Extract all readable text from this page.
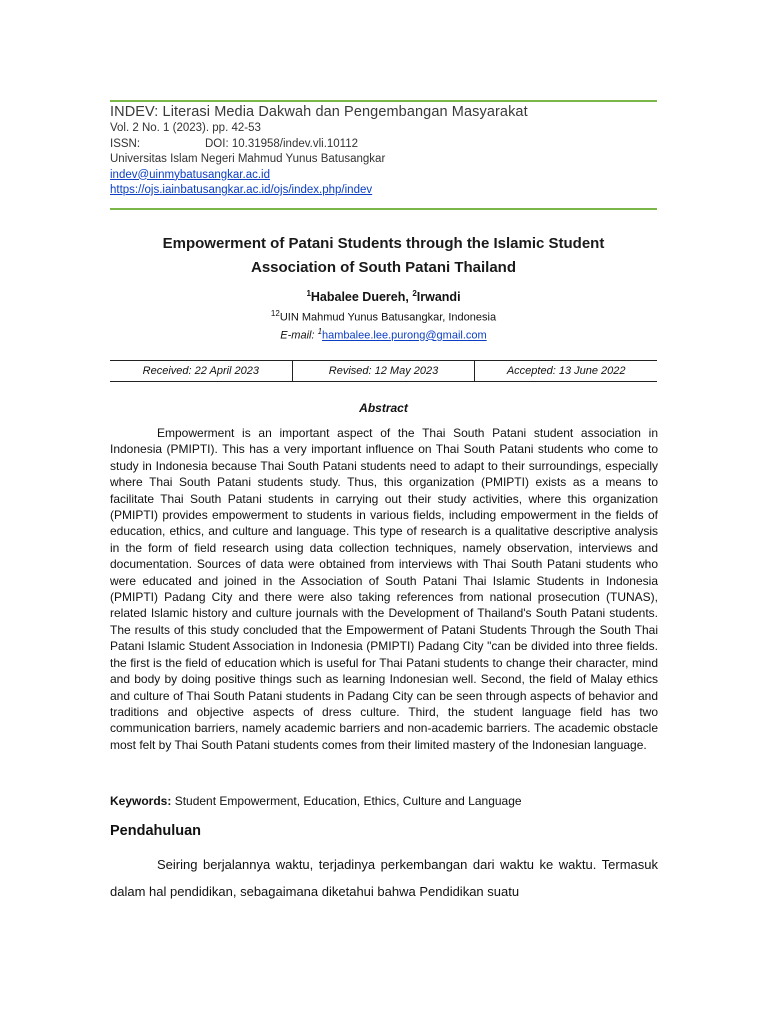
INDEV: Literasi Media Dakwah dan Pengembangan Masyarakat
Vol. 2 No. 1 (2023). pp. 42-53
ISSN:	DOI: 10.31958/indev.vli.10112
Universitas Islam Negeri Mahmud Yunus Batusangkar
indev@uinmybatusangkar.ac.id
https://ojs.iainbatusangkar.ac.id/ojs/index.php/indev
Empowerment of Patani Students through the Islamic Student
Association of South Patani Thailand
$^1$Habalee Duereh, $^2$Irwandi
$^{12}$UIN Mahmud Yunus Batusangkar, Indonesia
E-mail: $^1$hambalee.lee.purong@gmail.com
Received: 22 April 2023	Revised: 12 May 2023	Accepted: 13 June 2022
Abstract
Empowerment is an important aspect of the Thai South Patani student association in Indonesia (PMIPTI). This has a very important influence on Thai South Patani students who come to study in Indonesia because Thai South Patani students need to adapt to their surroundings, especially where Thai South Patani students study. Thus, this organization (PMIPTI) exists as a means to facilitate Thai South Patani students in carrying out their study activities, where this organization (PMIPTI) provides empowerment to students in various fields, including empowerment in the fields of education, ethics, and culture and language. This type of research is a qualitative descriptive analysis in the form of field research using data collection techniques, namely observation, interviews and documentation. Sources of data were obtained from interviews with Thai South Patani students who were educated and joined in the Association of South Patani Thai Islamic Students in Indonesia (PMIPTI) Padang City and there were also taking references from national prosecution (TUNAS), related Islamic history and culture journals with the Development of Thailand's South Patani students. The results of this study concluded that the Empowerment of Patani Students Through the South Thai Patani Islamic Student Association in Indonesia (PMIPTI) Padang City "can be divided into three fields. the first is the field of education which is useful for Thai Patani students to change their character, mind and body by doing positive things such as learning Indonesian well. Second, the field of Malay ethics and culture of Thai South Patani students in Padang City can be seen through aspects of behavior and traditions and objective aspects of dress culture. Third, the student language field has two communication barriers, namely academic barriers and non-academic barriers. The academic obstacle most felt by Thai South Patani students comes from their limited mastery of the Indonesian language.
Keywords: Student Empowerment, Education, Ethics, Culture and Language
Pendahuluan
Seiring berjalannya waktu, terjadinya perkembangan dari waktu ke waktu. Termasuk dalam hal pendidikan, sebagaimana diketahui bahwa Pendidikan suatu
